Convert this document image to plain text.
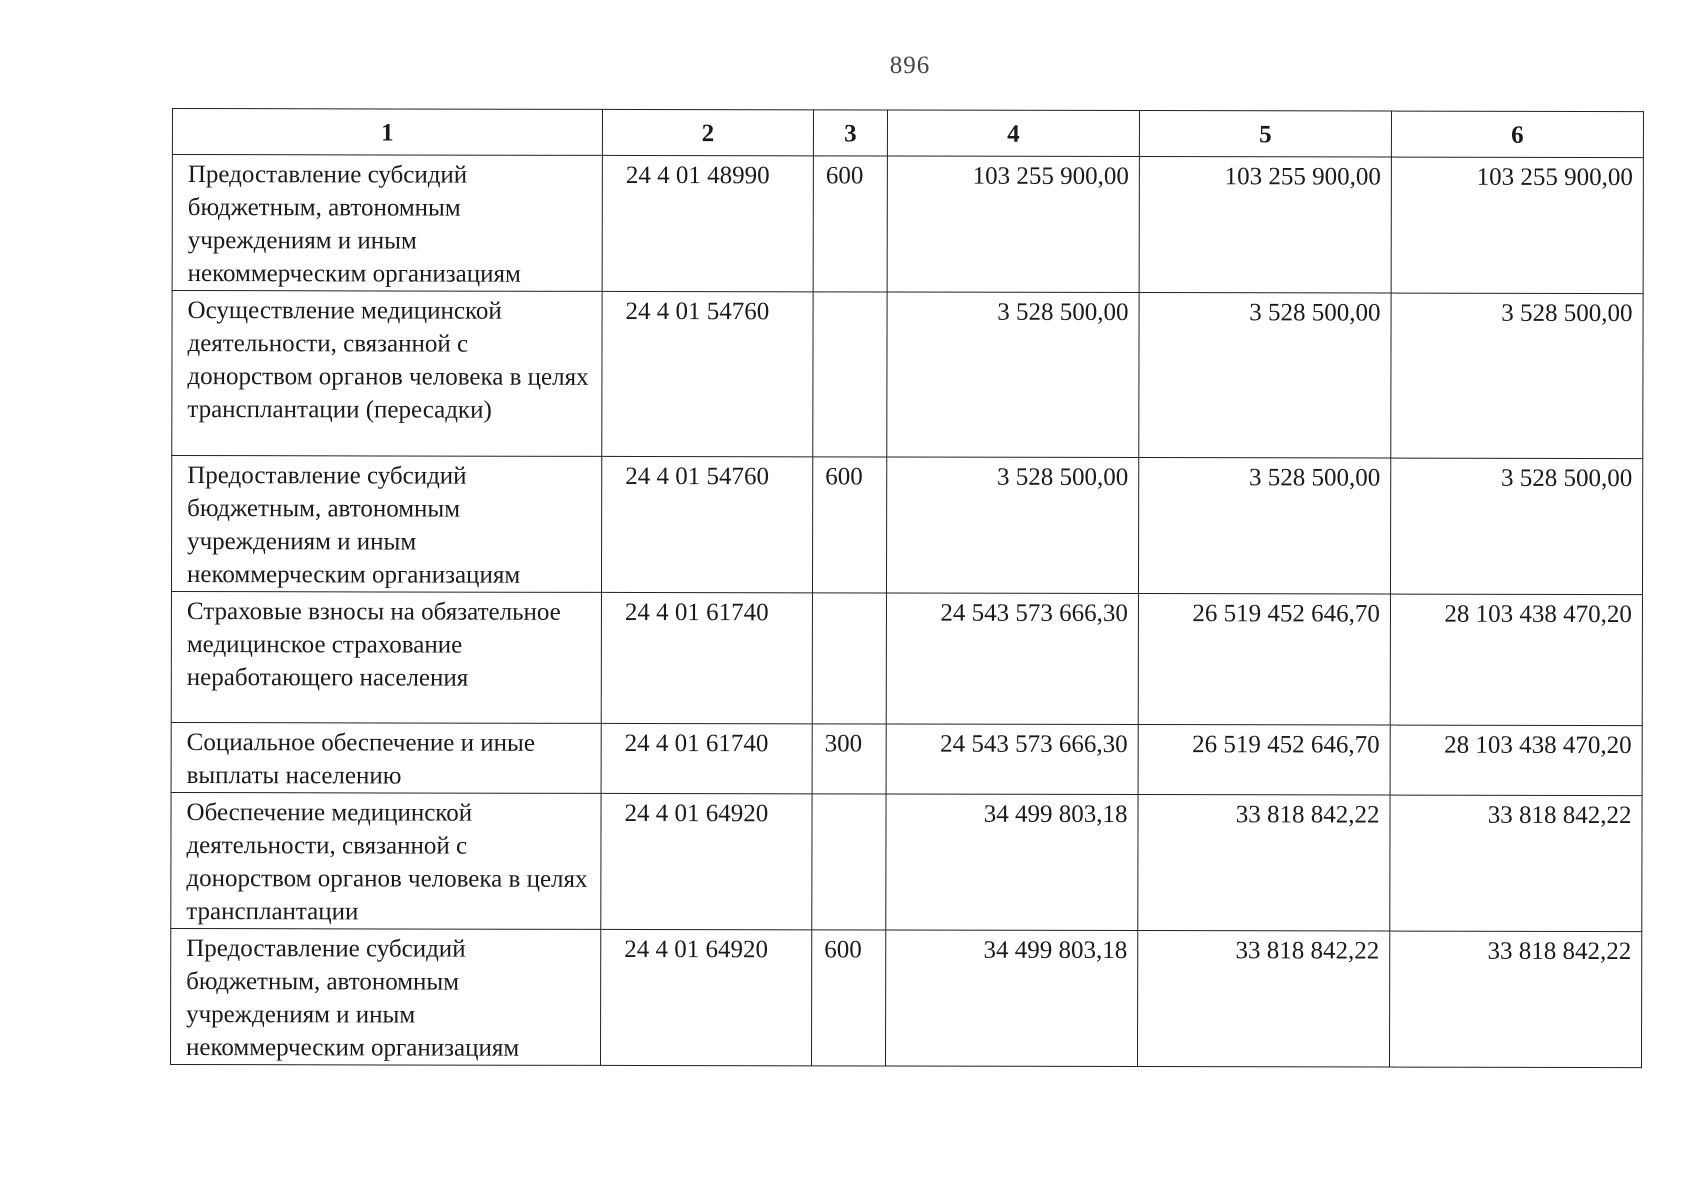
896
1	2	3	4	5	6
Предоставление субсидий бюджетным, автономным учреждениям и иным некоммерческим организациям	24 4 01 48990	600	103 255 900,00	103 255 900,00	103 255 900,00
Осуществление медицинской деятельности, связанной с донорством органов человека в целях трансплантации (пересадки)	24 4 01 54760		3 528 500,00	3 528 500,00	3 528 500,00
Предоставление субсидий бюджетным, автономным учреждениям и иным некоммерческим организациям	24 4 01 54760	600	3 528 500,00	3 528 500,00	3 528 500,00
Страховые взносы на обязательное медицинское страхование неработающего населения	24 4 01 61740		24 543 573 666,30	26 519 452 646,70	28 103 438 470,20
Социальное обеспечение и иные выплаты населению	24 4 01 61740	300	24 543 573 666,30	26 519 452 646,70	28 103 438 470,20
Обеспечение медицинской деятельности, связанной с донорством органов человека в целях трансплантации	24 4 01 64920		34 499 803,18	33 818 842,22	33 818 842,22
Предоставление субсидий бюджетным, автономным учреждениям и иным некоммерческим организациям	24 4 01 64920	600	34 499 803,18	33 818 842,22	33 818 842,22
